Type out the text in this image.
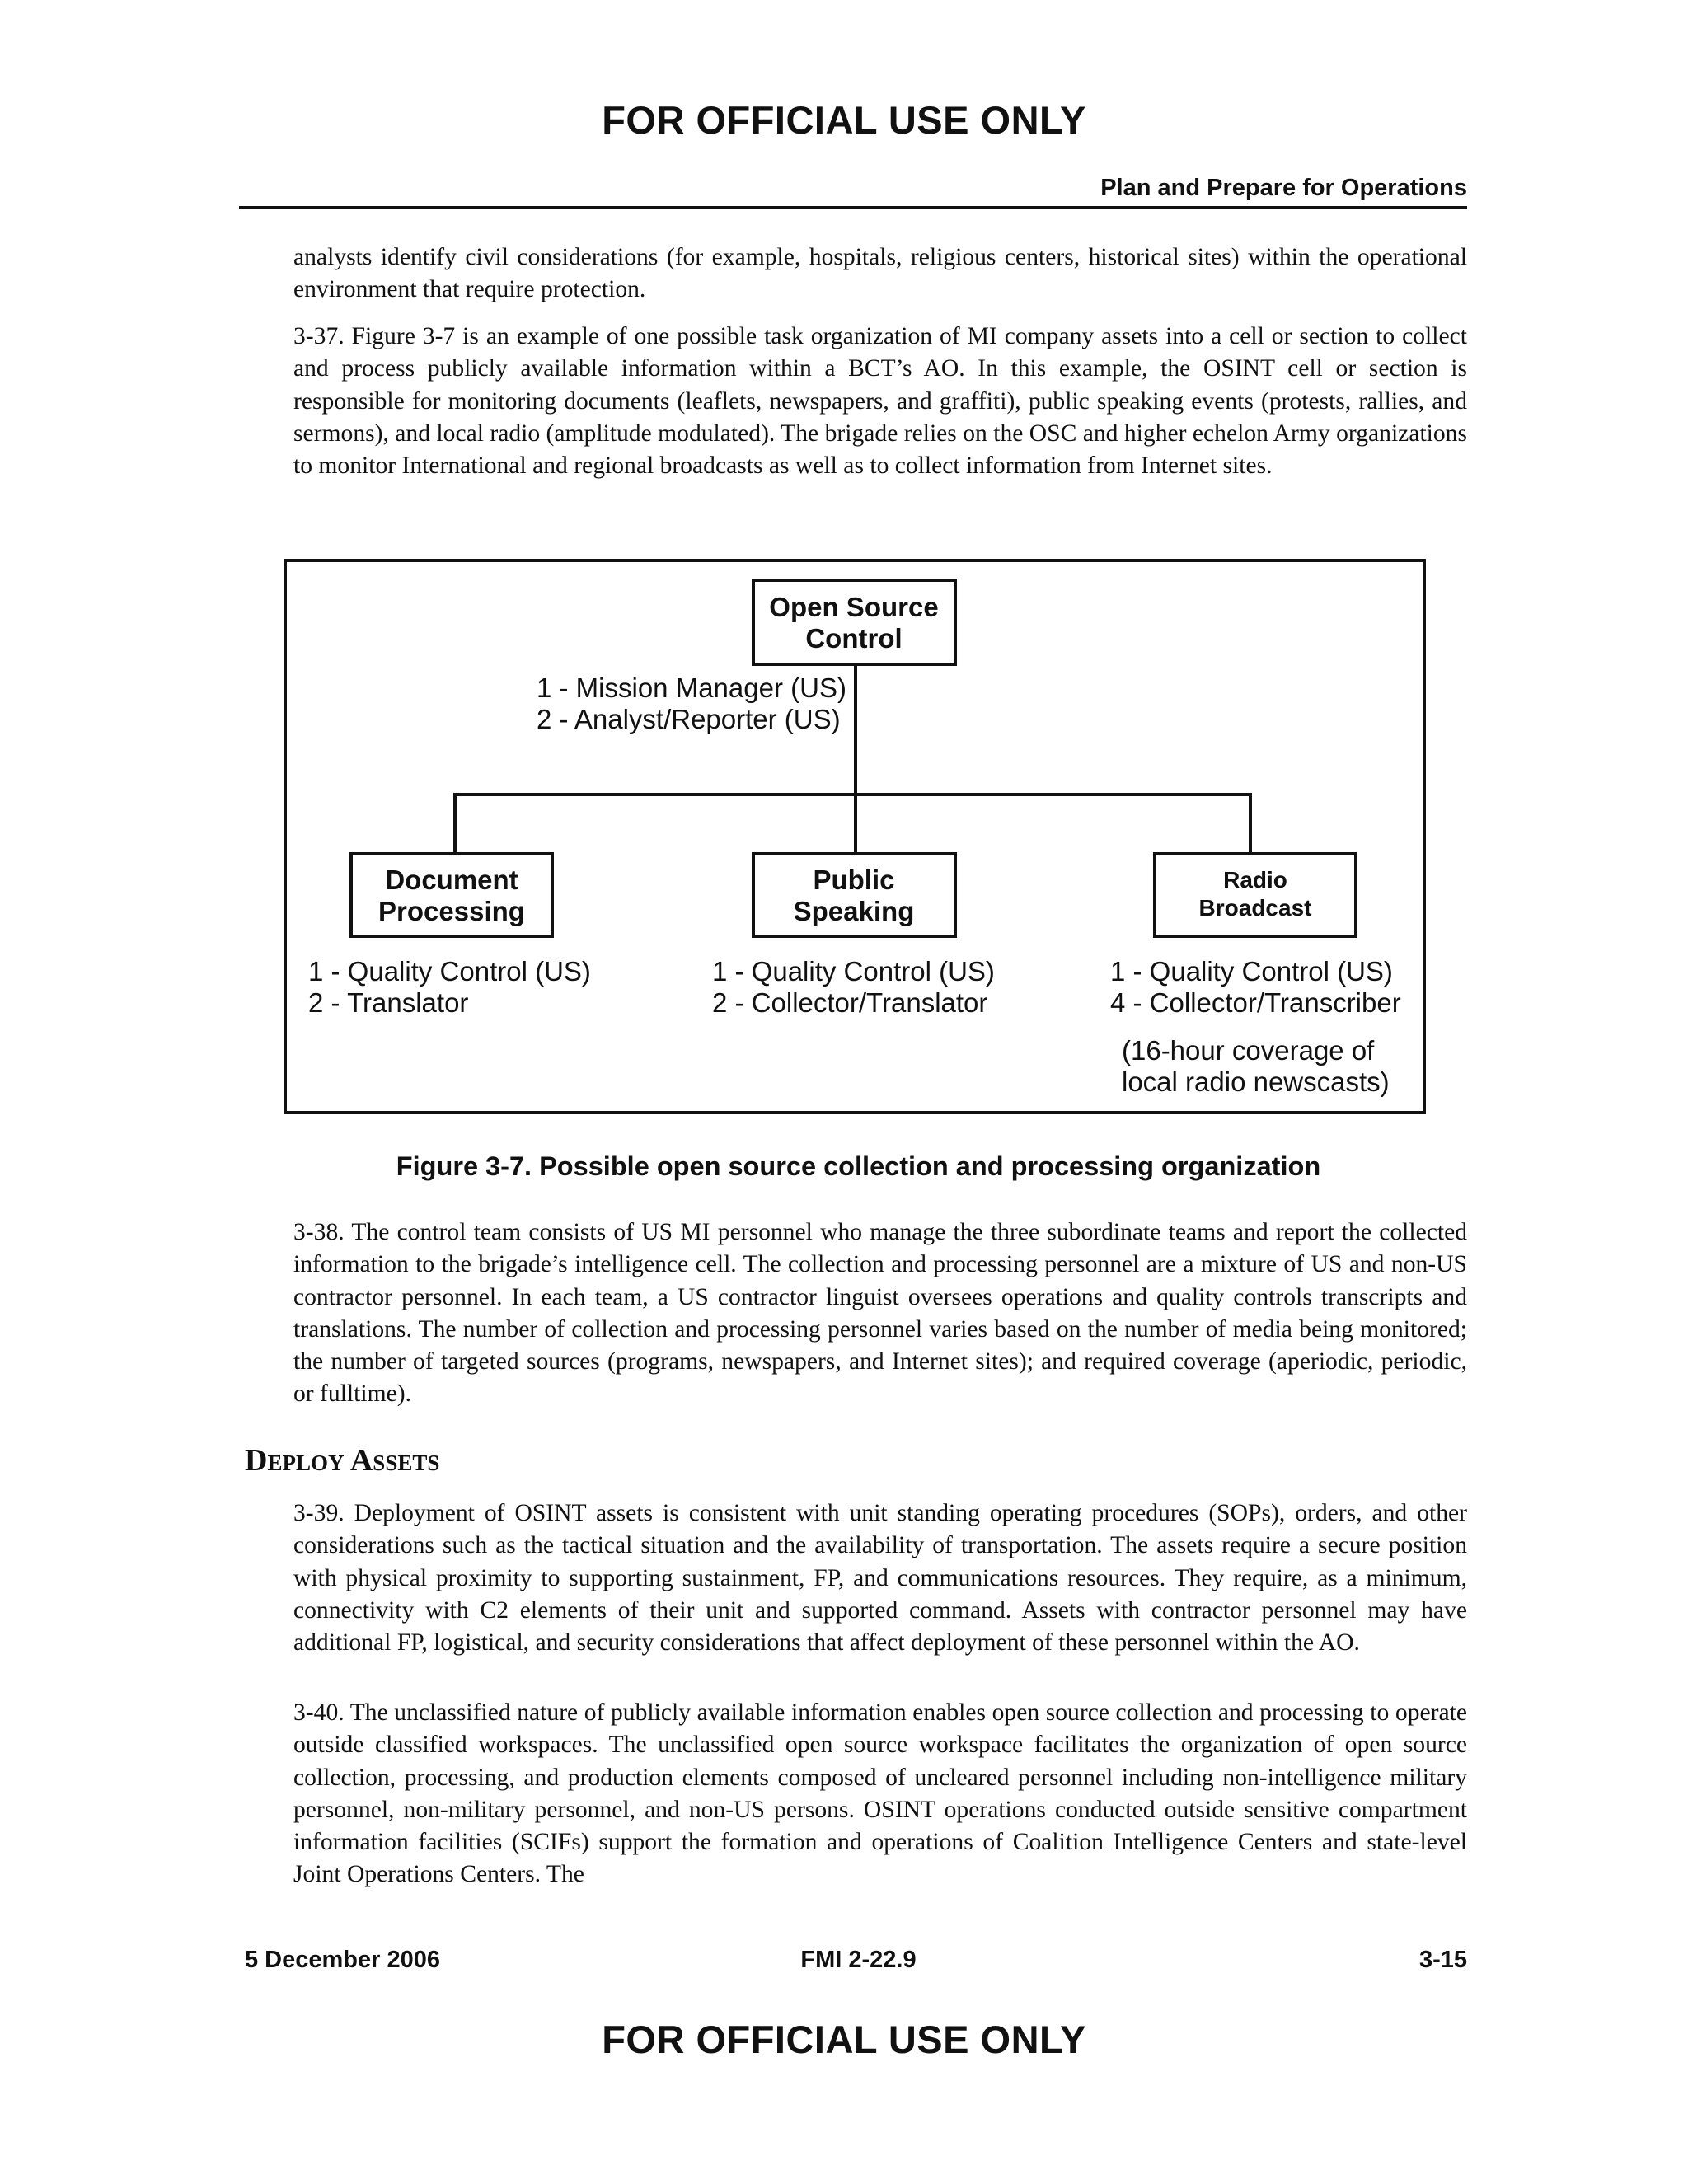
FOR OFFICIAL USE ONLY
Plan and Prepare for Operations

analysts identify civil considerations (for example, hospitals, religious centers, historical sites) within the operational environment that require protection.

3-37. Figure 3-7 is an example of one possible task organization of MI company assets into a cell or section to collect and process publicly available information within a BCT’s AO. In this example, the OSINT cell or section is responsible for monitoring documents (leaflets, newspapers, and graffiti), public speaking events (protests, rallies, and sermons), and local radio (amplitude modulated). The brigade relies on the OSC and higher echelon Army organizations to monitor International and regional broadcasts as well as to collect information from Internet sites.

Open Source
Control
1 - Mission Manager (US)
2 - Analyst/Reporter (US)
Document
Processing
1 - Quality Control (US)
2 - Translator
Public
Speaking
1 - Quality Control (US)
2 - Collector/Translator
Radio
Broadcast
1 - Quality Control (US)
4 - Collector/Transcriber
(16-hour coverage of
local radio newscasts)

Figure 3-7. Possible open source collection and processing organization

3-38. The control team consists of US MI personnel who manage the three subordinate teams and report the collected information to the brigade’s intelligence cell. The collection and processing personnel are a mixture of US and non-US contractor personnel. In each team, a US contractor linguist oversees operations and quality controls transcripts and translations. The number of collection and processing personnel varies based on the number of media being monitored; the number of targeted sources (programs, newspapers, and Internet sites); and required coverage (aperiodic, periodic, or fulltime).

Deploy Assets

3-39. Deployment of OSINT assets is consistent with unit standing operating procedures (SOPs), orders, and other considerations such as the tactical situation and the availability of transportation. The assets require a secure position with physical proximity to supporting sustainment, FP, and communications resources. They require, as a minimum, connectivity with C2 elements of their unit and supported command. Assets with contractor personnel may have additional FP, logistical, and security considerations that affect deployment of these personnel within the AO.

3-40. The unclassified nature of publicly available information enables open source collection and processing to operate outside classified workspaces. The unclassified open source workspace facilitates the organization of open source collection, processing, and production elements composed of uncleared personnel including non-intelligence military personnel, non-military personnel, and non-US persons. OSINT operations conducted outside sensitive compartment information facilities (SCIFs) support the formation and operations of Coalition Intelligence Centers and state-level Joint Operations Centers. The

5 December 2006	FMI 2-22.9	3-15
FOR OFFICIAL USE ONLY
